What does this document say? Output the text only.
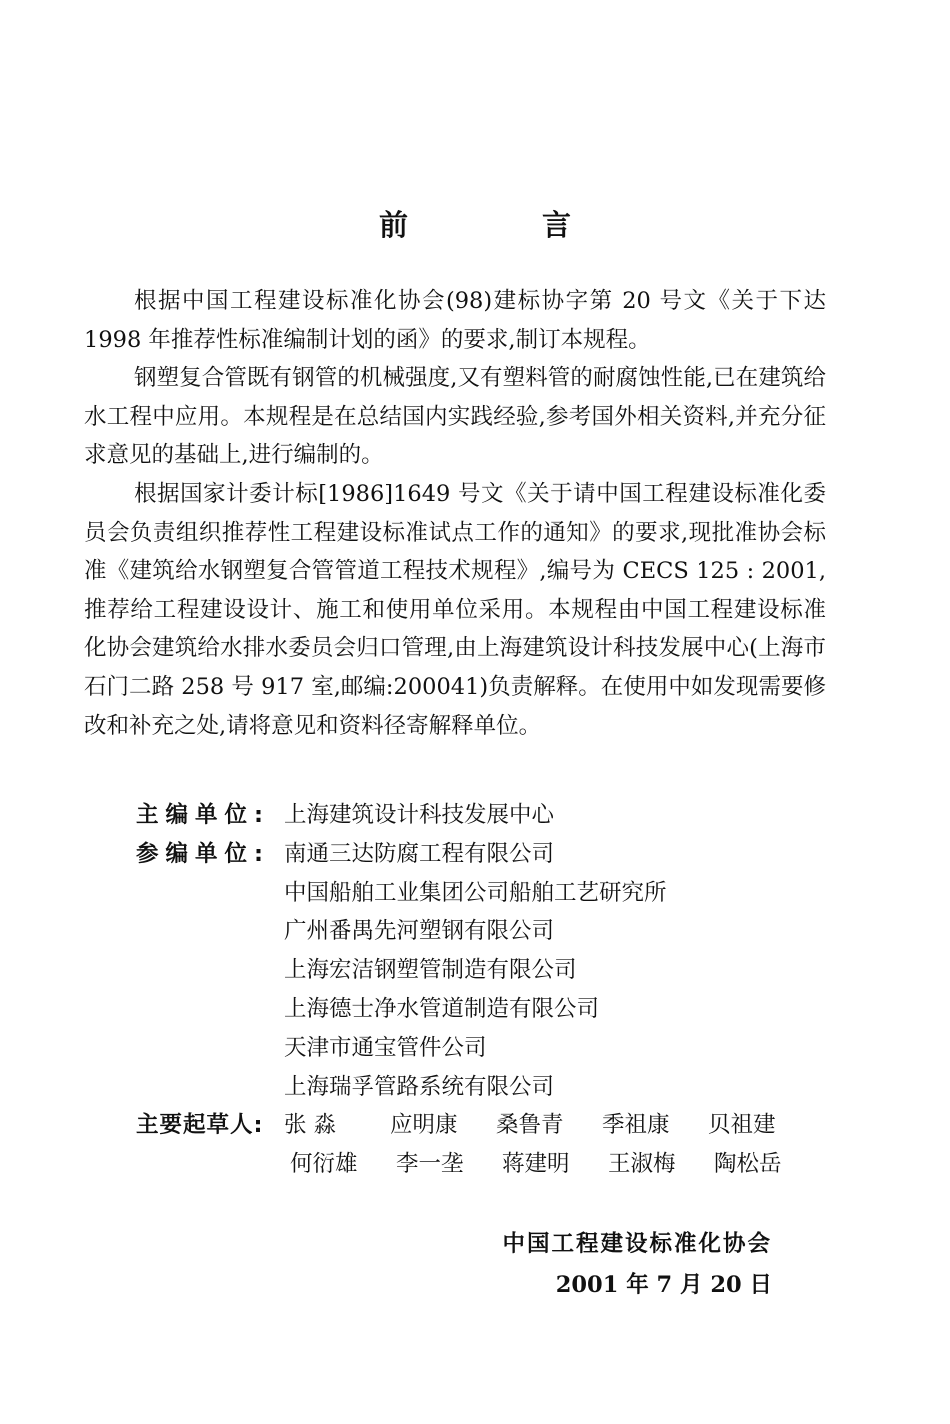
前 言

根据中国工程建设标准化协会(98)建标协字第 20 号文《关于下达 1998 年推荐性标准编制计划的函》的要求,制订本规程。

钢塑复合管既有钢管的机械强度,又有塑料管的耐腐蚀性能,已在建筑给水工程中应用。本规程是在总结国内实践经验,参考国外相关资料,并充分征求意见的基础上,进行编制的。

根据国家计委计标[1986]1649 号文《关于请中国工程建设标准化委员会负责组织推荐性工程建设标准试点工作的通知》的要求,现批准协会标准《建筑给水钢塑复合管管道工程技术规程》,编号为 CECS 125 : 2001,推荐给工程建设设计、施工和使用单位采用。本规程由中国工程建设标准化协会建筑给水排水委员会归口管理,由上海建筑设计科技发展中心(上海市石门二路 258 号 917 室,邮编:200041)负责解释。在使用中如发现需要修改和补充之处,请将意见和资料径寄解释单位。

主编单位: 上海建筑设计科技发展中心
参编单位: 南通三达防腐工程有限公司
中国船舶工业集团公司船舶工艺研究所
广州番禺先河塑钢有限公司
上海宏洁钢塑管制造有限公司
上海德士净水管道制造有限公司
天津市通宝管件公司
上海瑞孚管路系统有限公司
主要起草人: 张 淼	应明康	桑鲁青	季祖康	贝祖建
何衍雄	李一垄	蒋建明	王淑梅	陶松岳
中国工程建设标准化协会
2001 年 7 月 20 日
